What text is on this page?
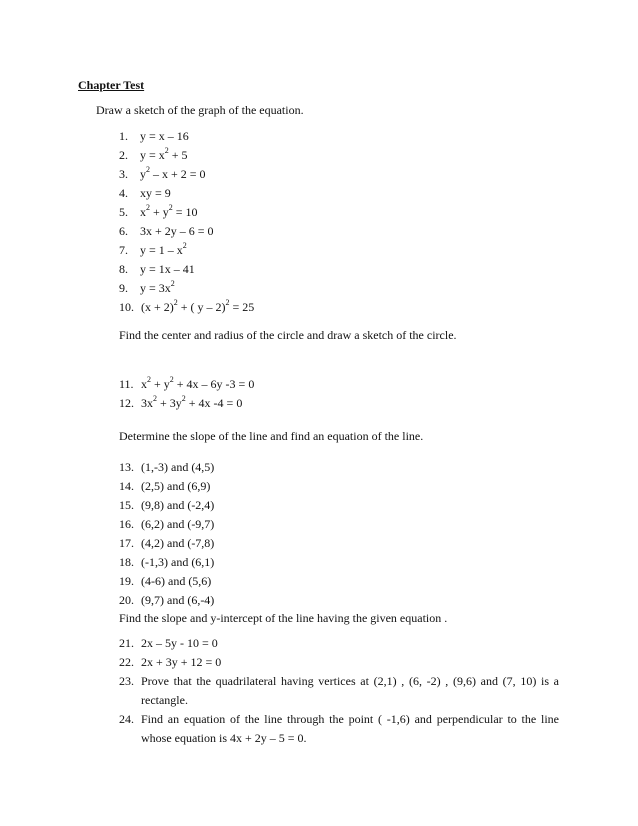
Chapter Test
Draw a sketch of the graph of the equation.
1.	y = x – 16
2.	$y = x^2 + 5$
3.	$y^2 - x + 2 = 0$
4.	xy = 9
5.	$x^2 + y^2 = 10$
6.	3x + 2y – 6 = 0
7.	$y = 1 - x^2$
8.	y = 1x – 41
9.	$y = 3x^2$
10. $(x + 2)^2$ + ( y – 2)$^2$ = 25
Find the center and radius of the circle and draw a sketch of the circle.
11. $x^2 + y^2 + 4x - 6y$ -3 = 0
12. $3x^2 + 3y^2 + 4x$ -4 = 0
Determine the slope of the line and find an equation of the line.
13. (1,-3) and (4,5)
14. (2,5) and (6,9)
15. (9,8) and (-2,4)
16. (6,2) and (-9,7)
17. (4,2) and (-7,8)
18. (-1,3) and (6,1)
19. (4-6) and (5,6)
20. (9,7) and (6,-4)
Find the slope and y-intercept of the line having the given equation .
21. 2x – 5y - 10 = 0
22. 2x + 3y + 12 = 0
23. Prove that the quadrilateral having vertices at (2,1) , (6, -2) , (9,6) and (7, 10) is a rectangle.
24. Find an equation of the line through the point ( -1,6) and perpendicular to the line whose equation is 4x + 2y – 5 = 0.
